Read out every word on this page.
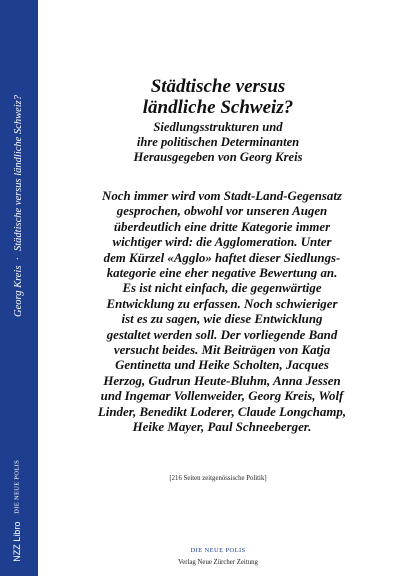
Georg Kreis
·
Städtische versus ländliche Schweiz?
NZZ Libro
DIE NEUE POLIS
Städtische versus
ländliche Schweiz?
Siedlungsstrukturen und
ihre politischen Determinanten
Herausgegeben von Georg Kreis
Noch immer wird vom Stadt-Land-Gegensatz
gesprochen, obwohl vor unseren Augen
überdeutlich eine dritte Kategorie immer
wichtiger wird: die Agglomeration. Unter
dem Kürzel «Agglo» haftet dieser Siedlungs-
kategorie eine eher negative Bewertung an.
Es ist nicht einfach, die gegenwärtige
Entwicklung zu erfassen. Noch schwieriger
ist es zu sagen, wie diese Entwicklung
gestaltet werden soll. Der vorliegende Band
versucht beides. Mit Beiträgen von Katja
Gentinetta und Heike Scholten, Jacques
Herzog, Gudrun Heute-Bluhm, Anna Jessen
und Ingemar Vollenweider, Georg Kreis, Wolf
Linder, Benedikt Loderer, Claude Longchamp,
Heike Mayer, Paul Schneeberger.
[216 Seiten zeitgenössische Politik]
DIE NEUE POLIS
Verlag Neue Zürcher Zeitung
